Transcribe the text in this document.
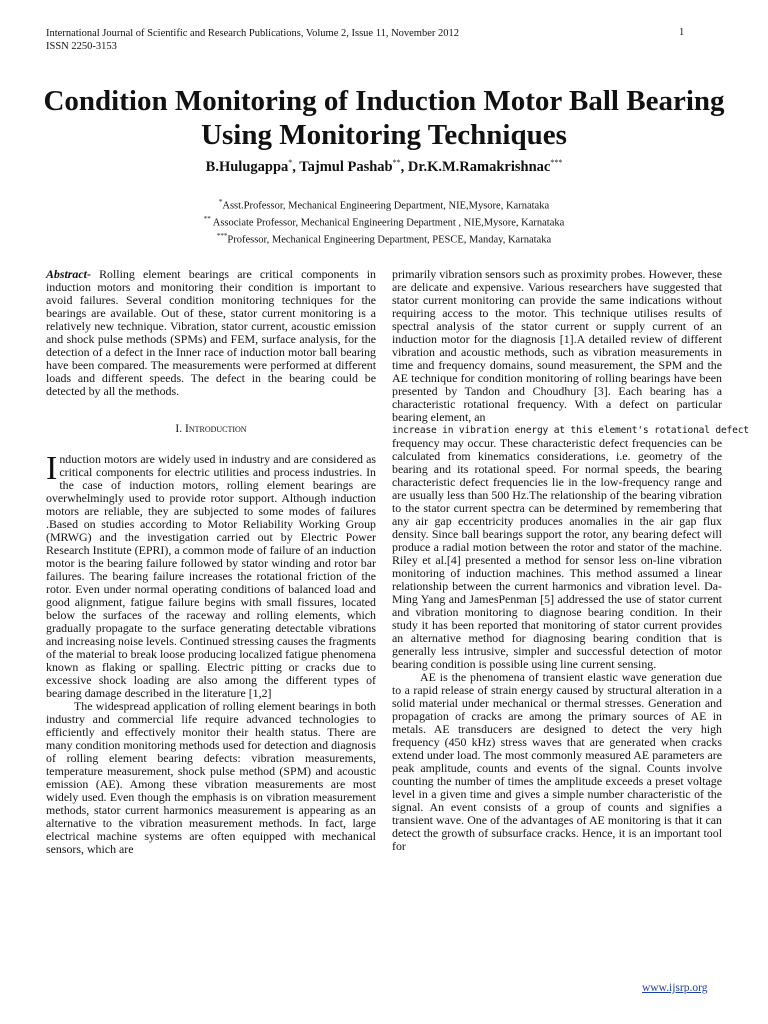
International Journal of Scientific and Research Publications, Volume 2, Issue 11, November 2012
ISSN 2250-3153
1
Condition Monitoring of Induction Motor Ball Bearing
Using Monitoring Techniques
B.Hulugappa*, Tajmul Pashab**, Dr.K.M.Ramakrishnac***
*Asst.Professor, Mechanical Engineering Department, NIE,Mysore, Karnataka
** Associate Professor, Mechanical Engineering Department , NIE,Mysore, Karnataka
***Professor, Mechanical Engineering Department, PESCE, Manday, Karnataka

Abstract- Rolling element bearings are critical components in induction motors and monitoring their condition is important to avoid failures. Several condition monitoring techniques for the bearings are available. Out of these, stator current monitoring is a relatively new technique. Vibration, stator current, acoustic emission and shock pulse methods (SPMs) and FEM, surface analysis, for the detection of a defect in the Inner race of induction motor ball bearing have been compared. The measurements were performed at different loads and different speeds. The defect in the bearing could be detected by all the methods.

I. Introduction

Induction motors are widely used in industry and are considered as critical components for electric utilities and process industries. In the case of induction motors, rolling element bearings are overwhelmingly used to provide rotor support. Although induction motors are reliable, they are subjected to some modes of failures .Based on studies according to Motor Reliability Working Group (MRWG) and the investigation carried out by Electric Power Research Institute (EPRI), a common mode of failure of an induction motor is the bearing failure followed by stator winding and rotor bar failures. The bearing failure increases the rotational friction of the rotor. Even under normal operating conditions of balanced load and good alignment, fatigue failure begins with small fissures, located below the surfaces of the raceway and rolling elements, which gradually propagate to the surface generating detectable vibrations and increasing noise levels. Continued stressing causes the fragments of the material to break loose producing localized fatigue phenomena known as flaking or spalling. Electric pitting or cracks due to excessive shock loading are also among the different types of bearing damage described in the literature [1,2]

The widespread application of rolling element bearings in both industry and commercial life require advanced technologies to efficiently and effectively monitor their health status. There are many condition monitoring methods used for detection and diagnosis of rolling element bearing defects: vibration measurements, temperature measurement, shock pulse method (SPM) and acoustic emission (AE). Among these vibration measurements are most widely used. Even though the emphasis is on vibration measurement methods, stator current harmonics measurement is appearing as an alternative to the vibration measurement methods. In fact, large electrical machine systems are often equipped with mechanical sensors, which are

primarily vibration sensors such as proximity probes. However, these are delicate and expensive. Various researchers have suggested that stator current monitoring can provide the same indications without requiring access to the motor. This technique utilises results of spectral analysis of the stator current or supply current of an induction motor for the diagnosis [1].A detailed review of different vibration and acoustic methods, such as vibration measurements in time and frequency domains, sound measurement, the SPM and the AE technique for condition monitoring of rolling bearings have been presented by Tandon and Choudhury [3]. Each bearing has a characteristic rotational frequency. With a defect on particular bearing element, an

increase in vibration energy at this element's rotational defect

frequency may occur. These characteristic defect frequencies can be calculated from kinematics considerations, i.e. geometry of the bearing and its rotational speed. For normal speeds, the bearing characteristic defect frequencies lie in the low-frequency range and are usually less than 500 Hz.The relationship of the bearing vibration to the stator current spectra can be determined by remembering that any air gap eccentricity produces anomalies in the air gap flux density. Since ball bearings support the rotor, any bearing defect will produce a radial motion between the rotor and stator of the machine. Riley et al.[4] presented a method for sensor less on-line vibration monitoring of induction machines. This method assumed a linear relationship between the current harmonics and vibration level. Da-Ming Yang and JamesPenman [5] addressed the use of stator current and vibration monitoring to diagnose bearing condition. In their study it has been reported that monitoring of stator current provides an alternative method for diagnosing bearing condition that is generally less intrusive, simpler and successful detection of motor bearing condition is possible using line current sensing.

AE is the phenomena of transient elastic wave generation due to a rapid release of strain energy caused by structural alteration in a solid material under mechanical or thermal stresses. Generation and propagation of cracks are among the primary sources of AE in metals. AE transducers are designed to detect the very high frequency (450 kHz) stress waves that are generated when cracks extend under load. The most commonly measured AE parameters are peak amplitude, counts and events of the signal. Counts involve counting the number of times the amplitude exceeds a preset voltage level in a given time and gives a simple number characteristic of the signal. An event consists of a group of counts and signifies a transient wave. One of the advantages of AE monitoring is that it can detect the growth of subsurface cracks. Hence, it is an important tool for

www.ijsrp.org
